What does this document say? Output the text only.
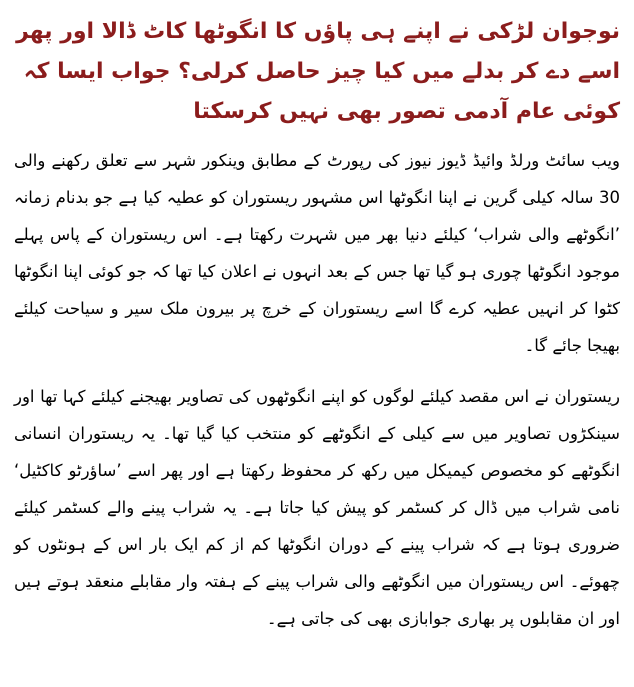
نوجوان لڑکی نے اپنے ہی پاؤں کا انگوٹھا کاٹ ڈالا اور پھر اسے دے کر بدلے میں کیا چیز حاصل کرلی؟ جواب ایسا کہ کوئی عام آدمی تصور بھی نہیں کرسکتا

ویب سائٹ ورلڈ وائیڈ ڈیوز نیوز کی رپورٹ کے مطابق وینکور شہر سے تعلق رکھنے والی 30 سالہ کیلی گرین نے اپنا انگوٹھا اس مشہور ریستوران کو عطیہ کیا ہے جو بدنام زمانہ ’انگوٹھے والی شراب‘ کیلئے دنیا بھر میں شہرت رکھتا ہے۔ اس ریستوران کے پاس پہلے موجود انگوٹھا چوری ہو گیا تھا جس کے بعد انہوں نے اعلان کیا تھا کہ جو کوئی اپنا انگوٹھا کٹوا کر انہیں عطیہ کرے گا اسے ریستوران کے خرچ پر بیرون ملک سیر و سیاحت کیلئے بھیجا جائے گا۔

ریستوران نے اس مقصد کیلئے لوگوں کو اپنے انگوٹھوں کی تصاویر بھیجنے کیلئے کہا تھا اور سینکڑوں تصاویر میں سے کیلی کے انگوٹھے کو منتخب کیا گیا تھا۔ یہ ریستوران انسانی انگوٹھے کو مخصوص کیمیکل میں رکھ کر محفوظ رکھتا ہے اور پھر اسے ’ساؤرٹو کاکٹیل‘ نامی شراب میں ڈال کر کسٹمر کو پیش کیا جاتا ہے۔ یہ شراب پینے والے کسٹمر کیلئے ضروری ہوتا ہے کہ شراب پینے کے دوران انگوٹھا کم از کم ایک بار اس کے ہونٹوں کو چھوئے۔ اس ریستوران میں انگوٹھے والی شراب پینے کے ہفتہ وار مقابلے منعقد ہوتے ہیں اور ان مقابلوں پر بھاری جوابازی بھی کی جاتی ہے۔
